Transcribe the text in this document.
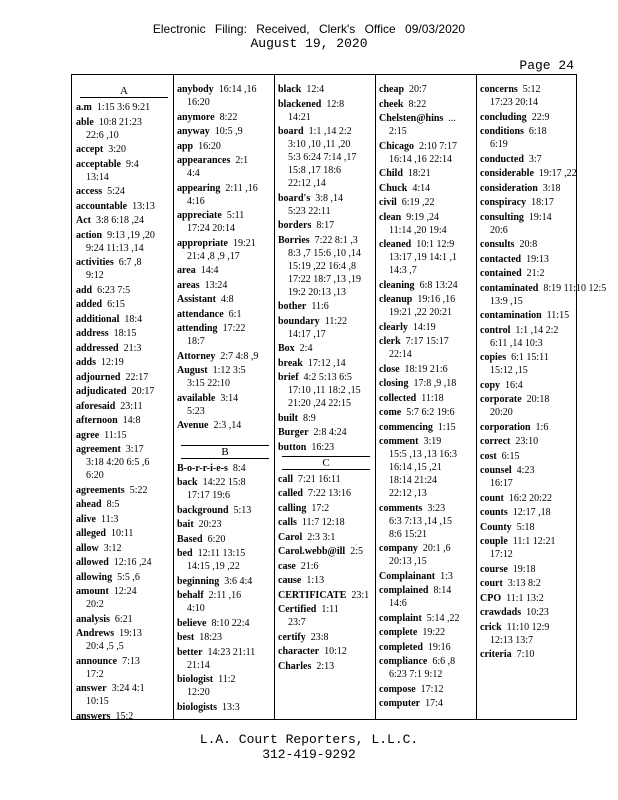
Electronic Filing: Received, Clerk's Office 09/03/2020
August 19, 2020
Page 24
A
a.m 1:15 3:6 9:21
able 10:8 21:23
22:6 ,10
accept 3:20
acceptable 9:4
13:14
access 5:24
accountable 13:13
Act 3:8 6:18 ,24
action 9:13 ,19 ,20
9:24 11:13 ,14
activities 6:7 ,8
9:12
add 6:23 7:5
added 6:15
additional 18:4
address 18:15
addressed 21:3
adds 12:19
adjourned 22:17
adjudicated 20:17
aforesaid 23:11
afternoon 14:8
agree 11:15
agreement 3:17
3:18 4:20 6:5 ,6
6:20
agreements 5:22
ahead 8:5
alive 11:3
alleged 10:11
allow 3:12
allowed 12:16 ,24
allowing 5:5 ,6
amount 12:24
20:2
analysis 6:21
Andrews 19:13
20:4 ,5 ,5
announce 7:13
17:2
answer 3:24 4:1
10:15
answers 15:2
anybody 16:14 ,16
16:20
anymore 8:22
anyway 10:5 ,9
app 16:20
appearances 2:1
4:4
appearing 2:11 ,16
4:16
appreciate 5:11
17:24 20:14
appropriate 19:21
21:4 ,8 ,9 ,17
area 14:4
areas 13:24
Assistant 4:8
attendance 6:1
attending 17:22
18:7
Attorney 2:7 4:8 ,9
August 1:12 3:5
3:15 22:10
available 3:14
5:23
Avenue 2:3 ,14
B
B-o-r-r-i-e-s 8:4
back 14:22 15:8
17:17 19:6
background 5:13
bait 20:23
Based 6:20
bed 12:11 13:15
14:15 ,19 ,22
beginning 3:6 4:4
behalf 2:11 ,16
4:10
believe 8:10 22:4
best 18:23
better 14:23 21:11
21:14
biologist 11:2
12:20
biologists 13:3
black 12:4
blackened 12:8
14:21
board 1:1 ,14 2:2
3:10 ,10 ,11 ,20
5:3 6:24 7:14 ,17
15:8 ,17 18:6
22:12 ,14
board's 3:8 ,14
5:23 22:11
borders 8:17
Borries 7:22 8:1 ,3
8:3 ,7 15:6 ,10 ,14
15:19 ,22 16:4 ,8
17:22 18:7 ,13 ,19
19:2 20:13 ,13
bother 11:6
boundary 11:22
14:17 ,17
Box 2:4
break 17:12 ,14
brief 4:2 5:13 6:5
17:10 ,11 18:2 ,15
21:20 ,24 22:15
built 8:9
Burger 2:8 4:24
button 16:23
C
call 7:21 16:11
called 7:22 13:16
calling 17:2
calls 11:7 12:18
Carol 2:3 3:1
Carol.webb@ill 2:5
case 21:6
cause 1:13
CERTIFICATE 23:1
Certified 1:11
23:7
certify 23:8
character 10:12
Charles 2:13
cheap 20:7
cheek 8:22
Chelsten@hins ...
2:15
Chicago 2:10 7:17
16:14 ,16 22:14
Child 18:21
Chuck 4:14
civil 6:19 ,22
clean 9:19 ,24
11:14 ,20 19:4
cleaned 10:1 12:9
13:17 ,19 14:1 ,1
14:3 ,7
cleaning 6:8 13:24
cleanup 19:16 ,16
19:21 ,22 20:21
clearly 14:19
clerk 7:17 15:17
22:14
close 18:19 21:6
closing 17:8 ,9 ,18
collected 11:18
come 5:7 6:2 19:6
commencing 1:15
comment 3:19
15:5 ,13 ,13 16:3
16:14 ,15 ,21
18:14 21:24
22:12 ,13
comments 3:23
6:3 7:13 ,14 ,15
8:6 15:21
company 20:1 ,6
20:13 ,15
Complainant 1:3
complained 8:14
14:6
complaint 5:14 ,22
complete 19:22
completed 19:16
compliance 6:6 ,8
6:23 7:1 9:12
compose 17:12
computer 17:4
concerns 5:12
17:23 20:14
concluding 22:9
conditions 6:18
6:19
conducted 3:7
considerable 19:17 ,22
consideration 3:18
conspiracy 18:17
consulting 19:14
20:6
consults 20:8
contacted 19:13
contained 21:2
contaminated 8:19 11:10 12:5
13:9 ,15
contamination 11:15
control 1:1 ,14 2:2
6:11 ,14 10:3
copies 6:1 15:11
15:12 ,15
copy 16:4
corporate 20:18
20:20
corporation 1:6
correct 23:10
cost 6:15
counsel 4:23
16:17
count 16:2 20:22
counts 12:17 ,18
County 5:18
couple 11:1 12:21
17:12
course 19:18
court 3:13 8:2
CPO 11:1 13:2
crawdads 10:23
crick 11:10 12:9
12:13 13:7
criteria 7:10
L.A. Court Reporters, L.L.C.
312-419-9292
